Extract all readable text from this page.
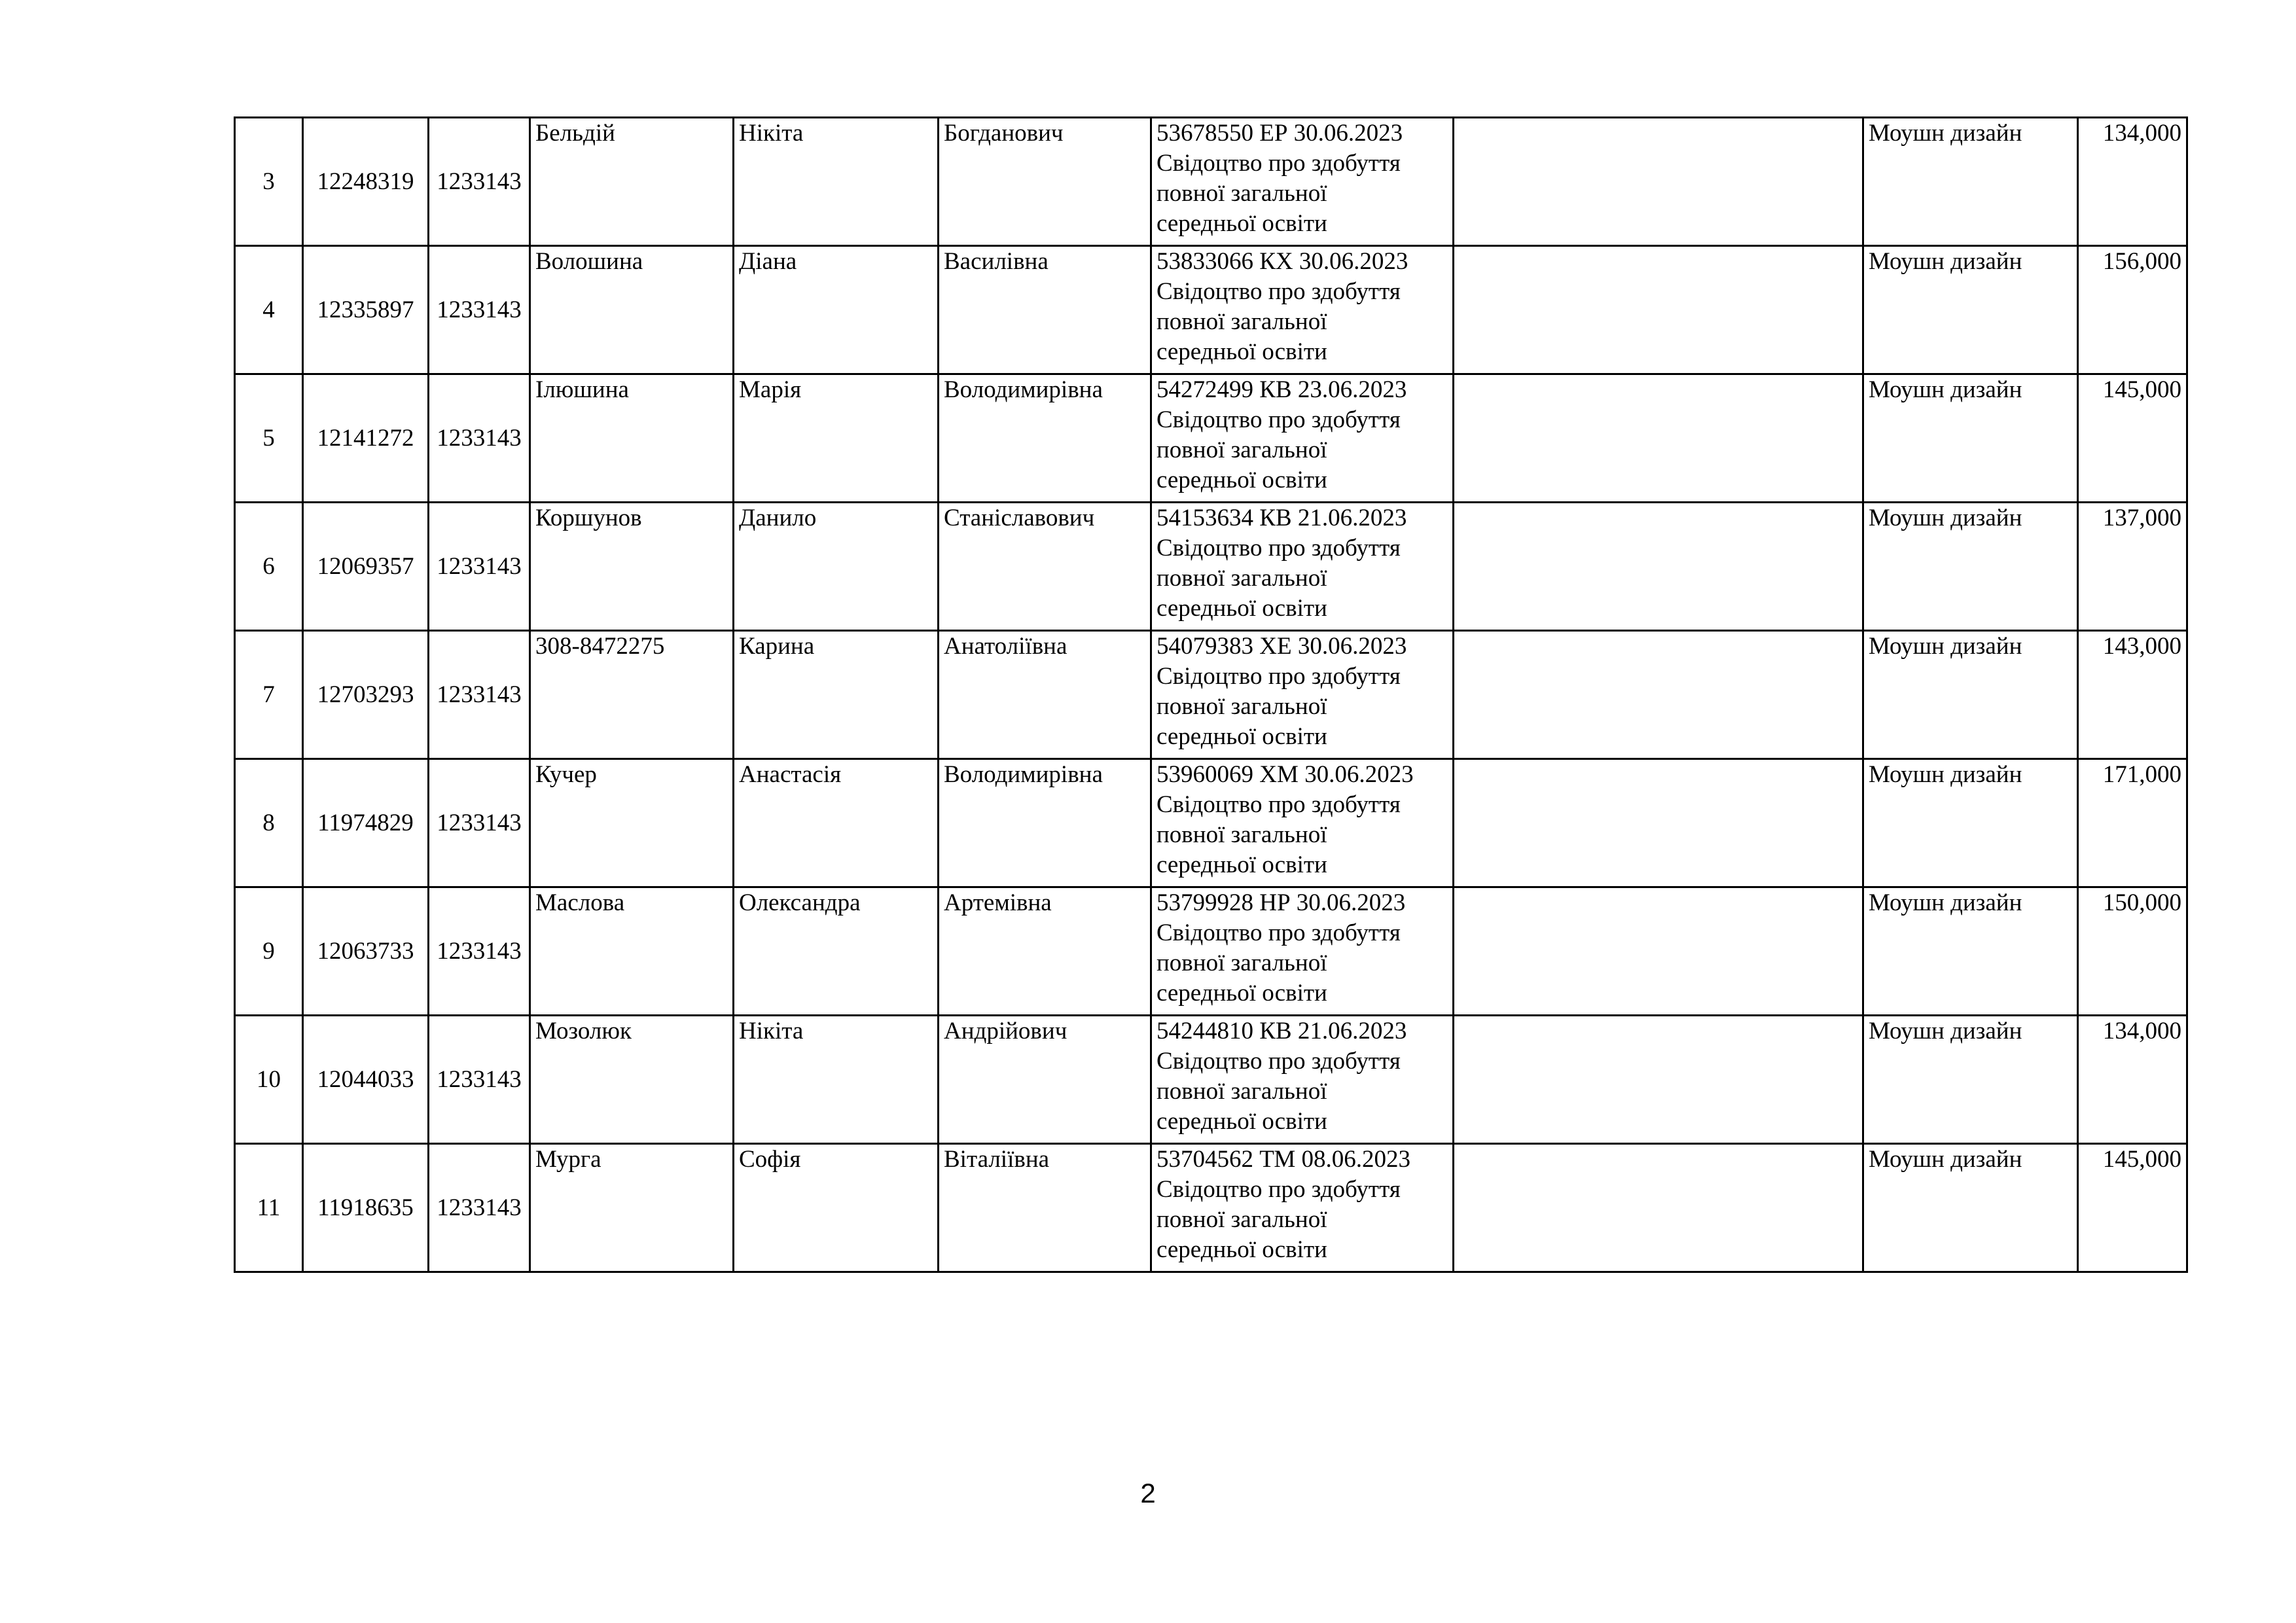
3	12248319	1233143	Бельдій	Нікіта	Богданович	53678550 ЕР 30.06.2023
Свідоцтво про здобуття
повної загальної
середньої освіти		Моушн дизайн	134,000
4	12335897	1233143	Волошина	Діана	Василівна	53833066 КХ 30.06.2023
Свідоцтво про здобуття
повної загальної
середньої освіти		Моушн дизайн	156,000
5	12141272	1233143	Ілюшина	Марія	Володимирівна	54272499 КВ 23.06.2023
Свідоцтво про здобуття
повної загальної
середньої освіти		Моушн дизайн	145,000
6	12069357	1233143	Коршунов	Данило	Станіславович	54153634 КВ 21.06.2023
Свідоцтво про здобуття
повної загальної
середньої освіти		Моушн дизайн	137,000
7	12703293	1233143	308-8472275	Карина	Анатоліївна	54079383 ХЕ 30.06.2023
Свідоцтво про здобуття
повної загальної
середньої освіти		Моушн дизайн	143,000
8	11974829	1233143	Кучер	Анастасія	Володимирівна	53960069 ХМ 30.06.2023
Свідоцтво про здобуття
повної загальної
середньої освіти		Моушн дизайн	171,000
9	12063733	1233143	Маслова	Олександра	Артемівна	53799928 НР 30.06.2023
Свідоцтво про здобуття
повної загальної
середньої освіти		Моушн дизайн	150,000
10	12044033	1233143	Мозолюк	Нікіта	Андрійович	54244810 КВ 21.06.2023
Свідоцтво про здобуття
повної загальної
середньої освіти		Моушн дизайн	134,000
11	11918635	1233143	Мурга	Софія	Віталіївна	53704562 ТМ 08.06.2023
Свідоцтво про здобуття
повної загальної
середньої освіти		Моушн дизайн	145,000
2
